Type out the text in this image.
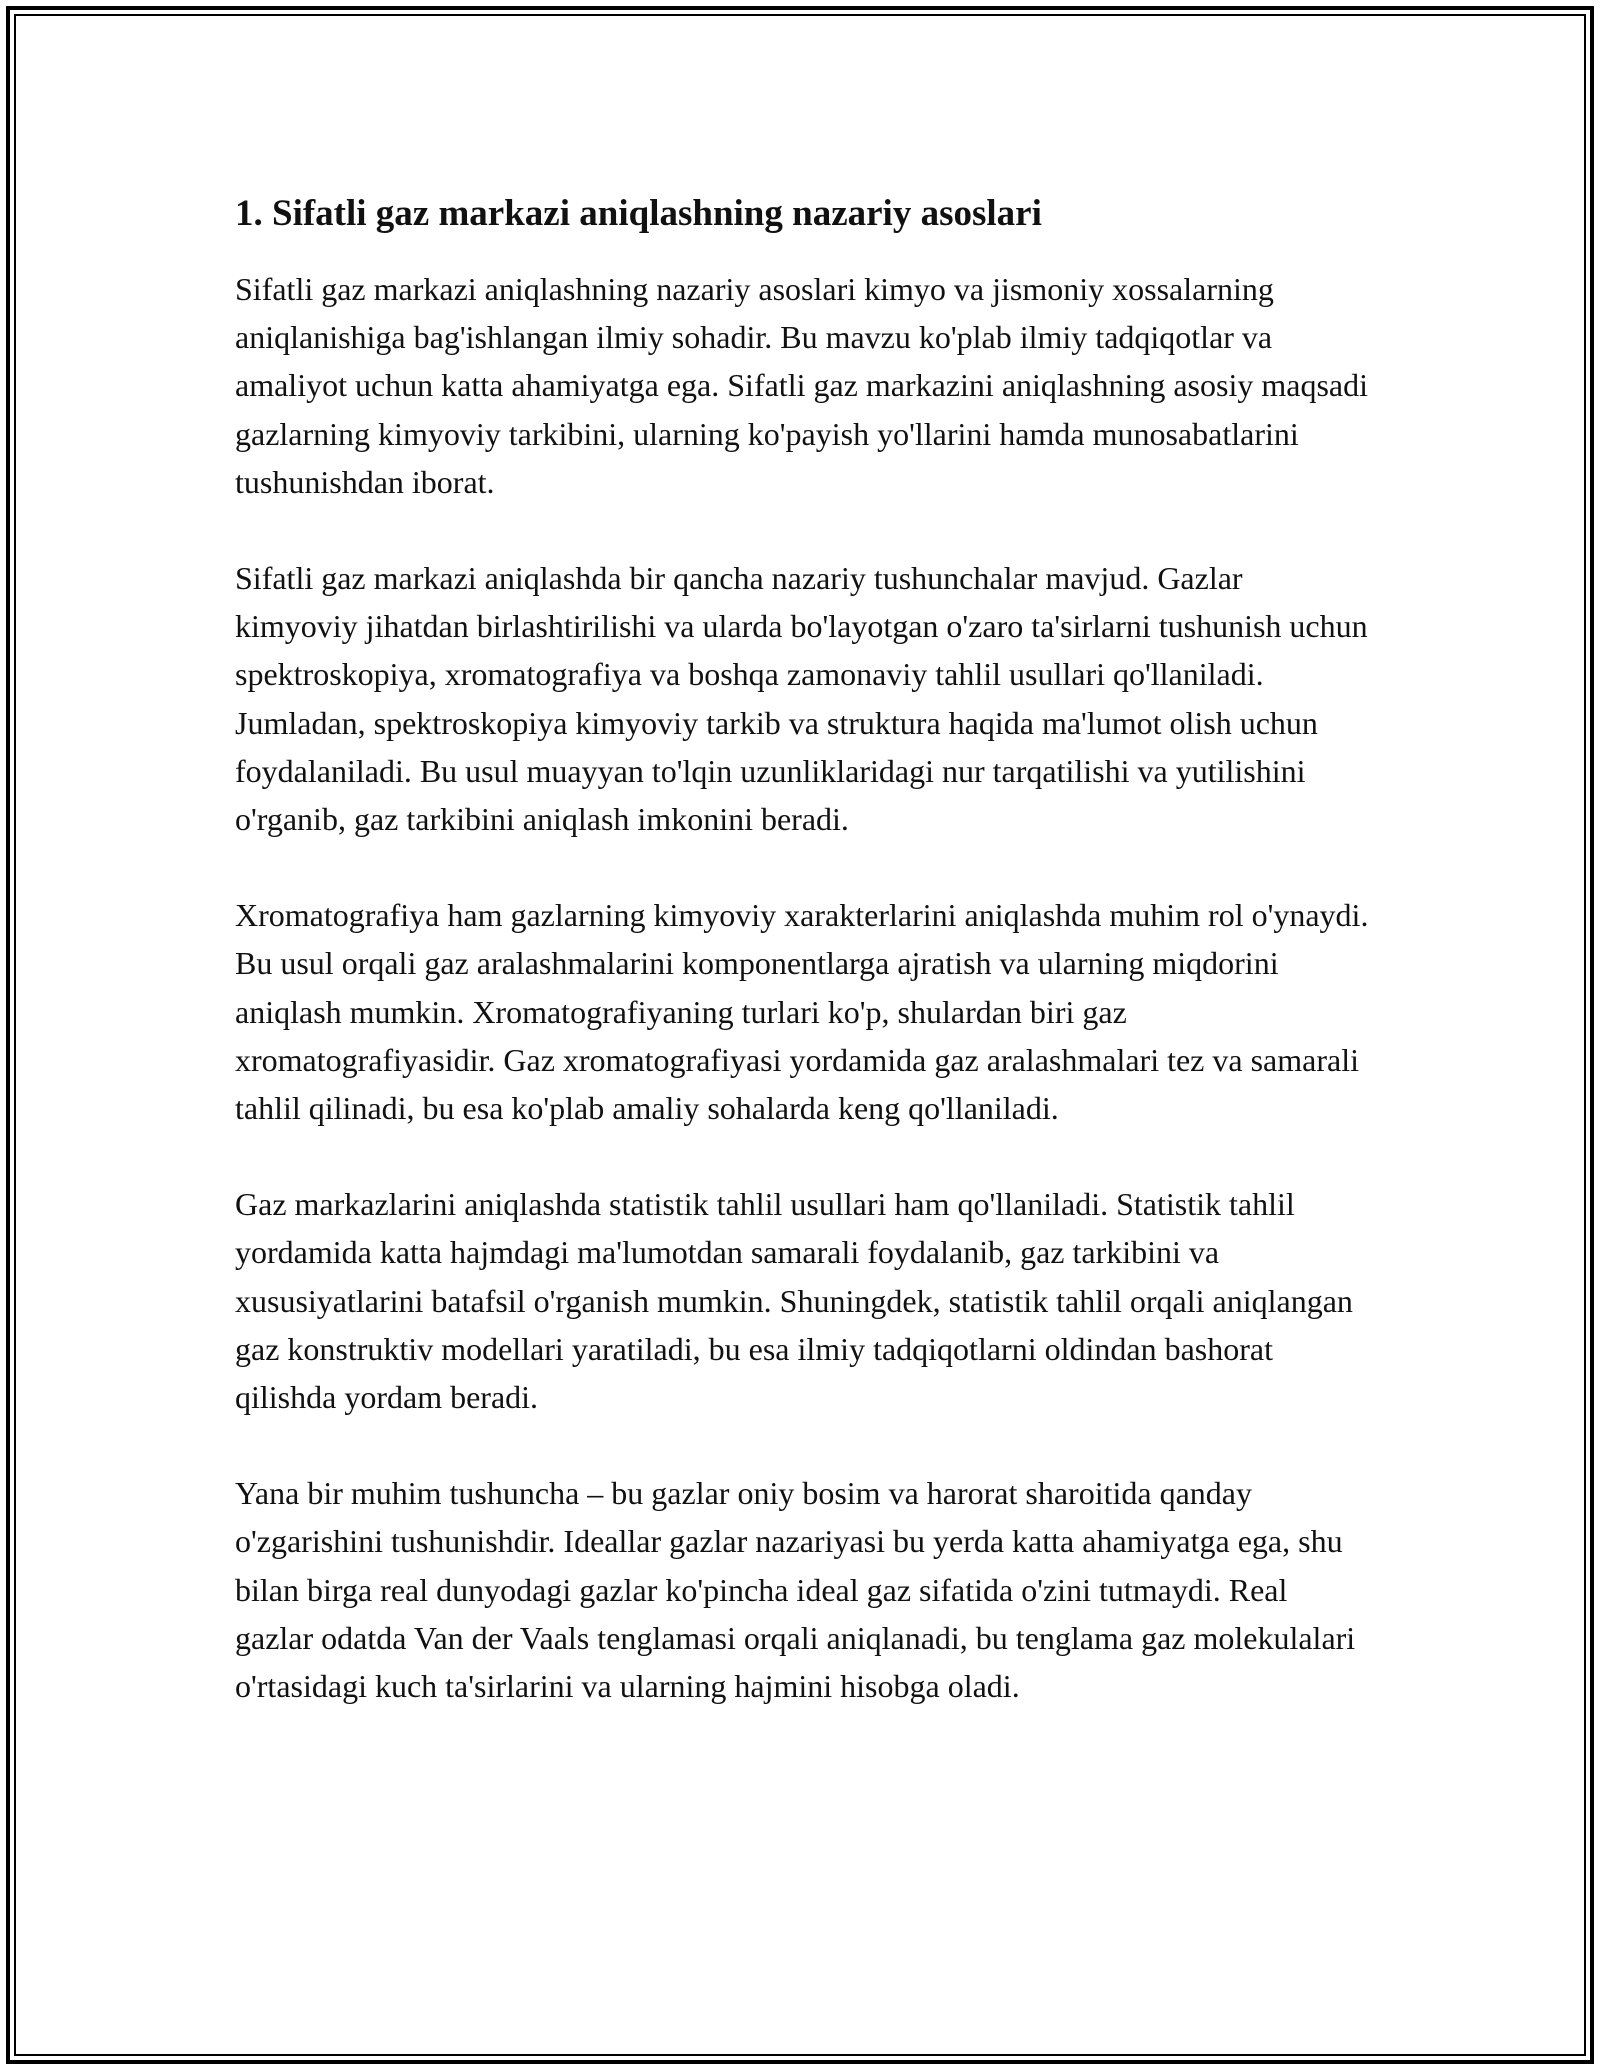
1. Sifatli gaz markazi aniqlashning nazariy asoslari

Sifatli gaz markazi aniqlashning nazariy asoslari kimyo va jismoniy xossalarning aniqlanishiga bag'ishlangan ilmiy sohadir. Bu mavzu ko'plab ilmiy tadqiqotlar va amaliyot uchun katta ahamiyatga ega. Sifatli gaz markazini aniqlashning asosiy maqsadi gazlarning kimyoviy tarkibini, ularning ko'payish yo'llarini hamda munosabatlarini tushunishdan iborat.

Sifatli gaz markazi aniqlashda bir qancha nazariy tushunchalar mavjud. Gazlar kimyoviy jihatdan birlashtirilishi va ularda bo'layotgan o'zaro ta'sirlarni tushunish uchun spektroskopiya, xromatografiya va boshqa zamonaviy tahlil usullari qo'llaniladi. Jumladan, spektroskopiya kimyoviy tarkib va struktura haqida ma'lumot olish uchun foydalaniladi. Bu usul muayyan to'lqin uzunliklaridagi nur tarqatilishi va yutilishini o'rganib, gaz tarkibini aniqlash imkonini beradi.

Xromatografiya ham gazlarning kimyoviy xarakterlarini aniqlashda muhim rol o'ynaydi. Bu usul orqali gaz aralashmalarini komponentlarga ajratish va ularning miqdorini aniqlash mumkin. Xromatografiyaning turlari ko'p, shulardan biri gaz xromatografiyasidir. Gaz xromatografiyasi yordamida gaz aralashmalari tez va samarali tahlil qilinadi, bu esa ko'plab amaliy sohalarda keng qo'llaniladi.

Gaz markazlarini aniqlashda statistik tahlil usullari ham qo'llaniladi. Statistik tahlil yordamida katta hajmdagi ma'lumotdan samarali foydalanib, gaz tarkibini va xususiyatlarini batafsil o'rganish mumkin. Shuningdek, statistik tahlil orqali aniqlangan gaz konstruktiv modellari yaratiladi, bu esa ilmiy tadqiqotlarni oldindan bashorat qilishda yordam beradi.

Yana bir muhim tushuncha – bu gazlar oniy bosim va harorat sharoitida qanday o'zgarishini tushunishdir. Ideallar gazlar nazariyasi bu yerda katta ahamiyatga ega, shu bilan birga real dunyodagi gazlar ko'pincha ideal gaz sifatida o'zini tutmaydi. Real gazlar odatda Van der Vaals tenglamasi orqali aniqlanadi, bu tenglama gaz molekulalari o'rtasidagi kuch ta'sirlarini va ularning hajmini hisobga oladi.
